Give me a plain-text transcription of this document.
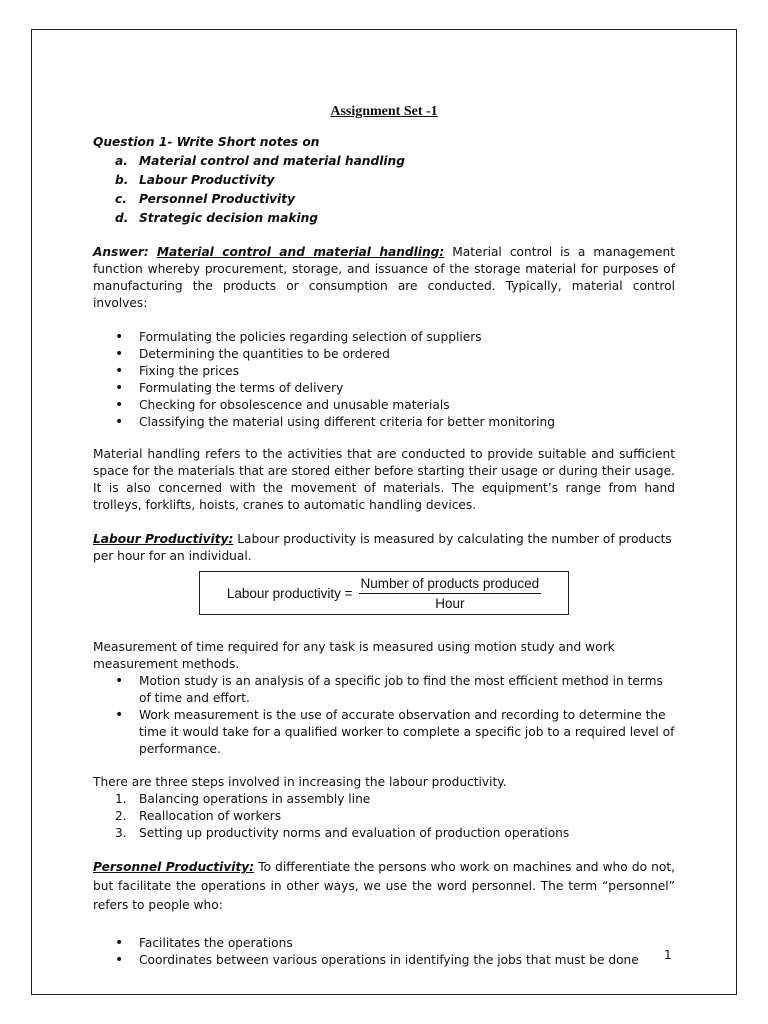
Assignment Set -1
Question 1- Write Short notes on
a. Material control and material handling
b. Labour Productivity
c. Personnel Productivity
d. Strategic decision making

Answer: Material control and material handling: Material control is a management function whereby procurement, storage, and issuance of the storage material for purposes of manufacturing the products or consumption are conducted. Typically, material control involves:

• Formulating the policies regarding selection of suppliers
• Determining the quantities to be ordered
• Fixing the prices
• Formulating the terms of delivery
• Checking for obsolescence and unusable materials
• Classifying the material using different criteria for better monitoring

Material handling refers to the activities that are conducted to provide suitable and sufficient space for the materials that are stored either before starting their usage or during their usage. It is also concerned with the movement of materials. The equipment’s range from hand trolleys, forklifts, hoists, cranes to automatic handling devices.

Labour Productivity: Labour productivity is measured by calculating the number of products per hour for an individual.

Labour productivity = $\frac{\text{Number of products produced}}{\text{Hour}}$

Measurement of time required for any task is measured using motion study and work measurement methods.

• Motion study is an analysis of a specific job to find the most efficient method in terms of time and effort.
• Work measurement is the use of accurate observation and recording to determine the time it would take for a qualified worker to complete a specific job to a required level of performance.

There are three steps involved in increasing the labour productivity.

1. Balancing operations in assembly line
2. Reallocation of workers
3. Setting up productivity norms and evaluation of production operations

Personnel Productivity: To differentiate the persons who work on machines and who do not, but facilitate the operations in other ways, we use the word personnel. The term “personnel” refers to people who:

• Facilitates the operations
• Coordinates between various operations in identifying the jobs that must be done	1
